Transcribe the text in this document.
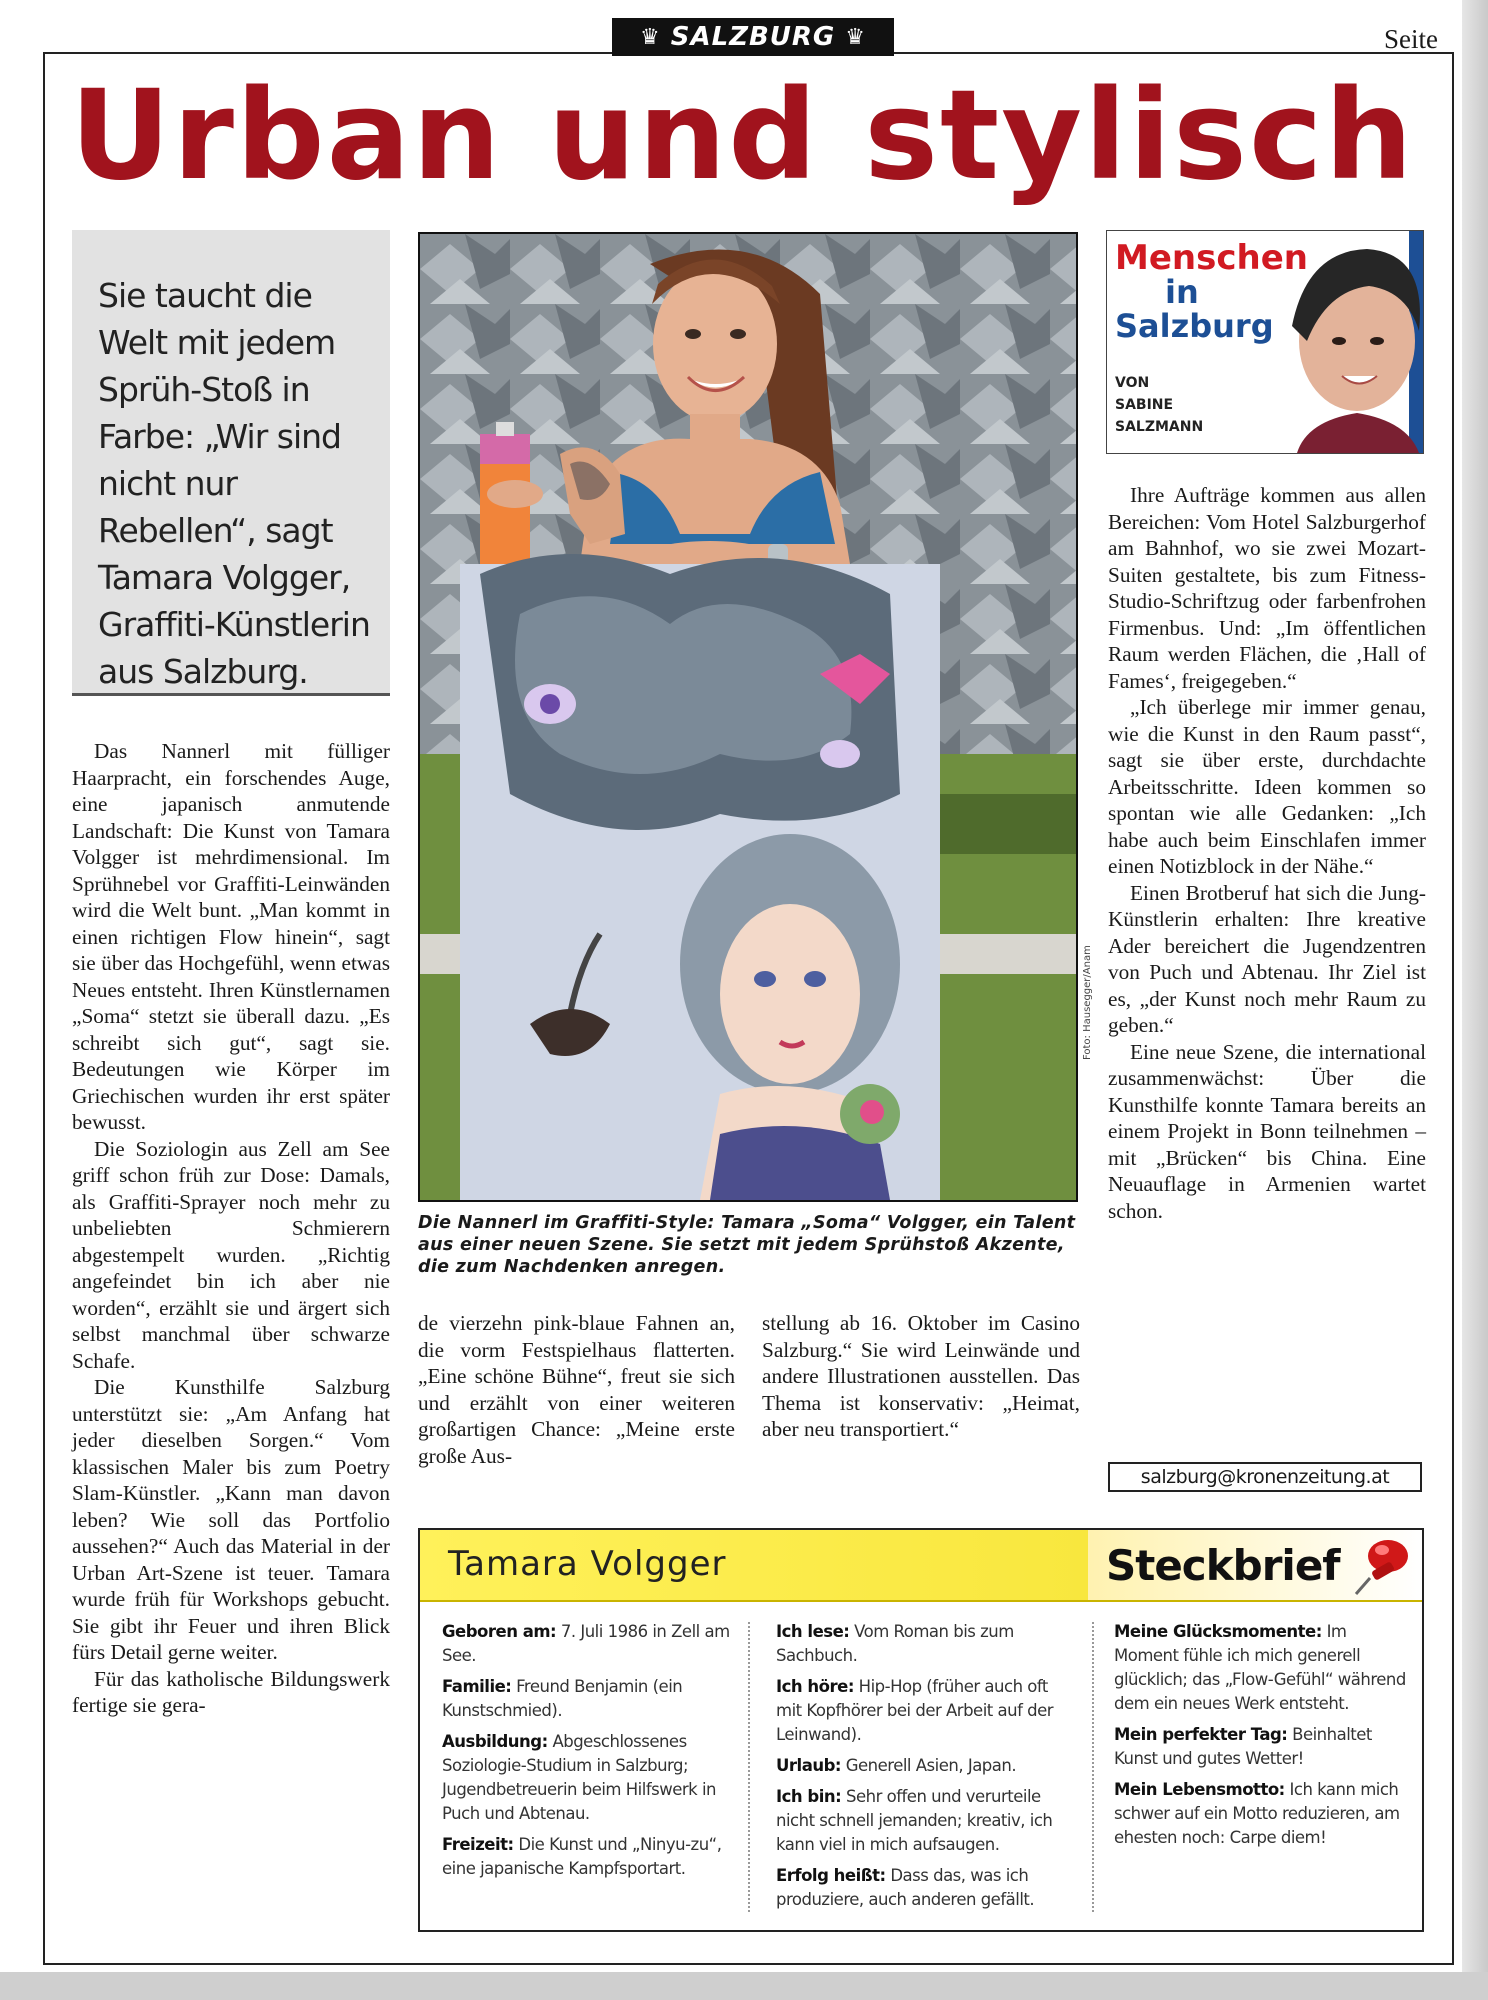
♛ SALZBURG ♛	Seite
Urban und stylisch

Sie taucht die Welt mit jedem Sprüh-Stoß in Farbe: „Wir sind nicht nur Rebellen“, sagt Tamara Volgger, Graffiti-Künstlerin aus Salzburg.

Das Nannerl mit fülliger Haarpracht, ein forschendes Auge, eine japanisch anmutende Landschaft: Die Kunst von Tamara Volgger ist mehrdimensional. Im Sprühnebel vor Graffiti-Leinwänden wird die Welt bunt. „Man kommt in einen richtigen Flow hinein“, sagt sie über das Hochgefühl, wenn etwas Neues entsteht. Ihren Künstlernamen „Soma“ stetzt sie überall dazu. „Es schreibt sich gut“, sagt sie. Bedeutungen wie Körper im Griechischen wurden ihr erst später bewusst.

Die Soziologin aus Zell am See griff schon früh zur Dose: Damals, als Graffiti-Sprayer noch mehr zu unbeliebten Schmierern abgestempelt wurden. „Richtig angefeindet bin ich aber nie worden“, erzählt sie und ärgert sich selbst manchmal über schwarze Schafe.

Die Kunsthilfe Salzburg unterstützt sie: „Am Anfang hat jeder dieselben Sorgen.“ Vom klassischen Maler bis zum Poetry Slam-Künstler. „Kann man davon leben? Wie soll das Portfolio aussehen?“ Auch das Material in der Urban Art-Szene ist teuer. Tamara wurde früh für Workshops gebucht. Sie gibt ihr Feuer und ihren Blick fürs Detail gerne weiter.

Für das katholische Bildungswerk fertige sie gera-

Foto: Hausegger/Anam
Die Nannerl im Graffiti-Style: Tamara „Soma“ Volgger, ein Talent aus einer neuen Szene. Sie setzt mit jedem Sprühstoß Akzente, die zum Nachdenken anregen.

de vierzehn pink-blaue Fahnen an, die vorm Festspielhaus flatterten. „Eine schöne Bühne“, freut sie sich und erzählt von einer weiteren großartigen Chance: „Meine erste große Aus-

stellung ab 16. Oktober im Casino Salzburg.“ Sie wird Leinwände und andere Illustrationen ausstellen. Das Thema ist konservativ: „Heimat, aber neu transportiert.“

Menschen
in
Salzburg
VON
SABINE
SALZMANN

Ihre Aufträge kommen aus allen Bereichen: Vom Hotel Salzburgerhof am Bahnhof, wo sie zwei Mozart-Suiten gestaltete, bis zum Fitness-Studio-Schriftzug oder farbenfrohen Firmenbus. Und: „Im öffentlichen Raum werden Flächen, die ‚Hall of Fames‘, freigegeben.“

„Ich überlege mir immer genau, wie die Kunst in den Raum passt“, sagt sie über erste, durchdachte Arbeitsschritte. Ideen kommen so spontan wie alle Gedanken: „Ich habe auch beim Einschlafen immer einen Notizblock in der Nähe.“

Einen Brotberuf hat sich die Jung-Künstlerin erhalten: Ihre kreative Ader bereichert die Jugendzentren von Puch und Abtenau. Ihr Ziel ist es, „der Kunst noch mehr Raum zu geben.“

Eine neue Szene, die international zusammenwächst: Über die Kunsthilfe konnte Tamara bereits an einem Projekt in Bonn teilnehmen – mit „Brücken“ bis China. Eine Neuauflage in Armenien wartet schon.

salzburg@kronenzeitung.at
Tamara Volgger	Steckbrief
Geboren am: 7. Juli 1986 in Zell am See.
Familie: Freund Benjamin (ein Kunstschmied).
Ausbildung: Abgeschlossenes Soziologie-Studium in Salzburg; Jugendbetreuerin beim Hilfswerk in Puch und Abtenau.
Freizeit: Die Kunst und „Ninyu-zu“, eine japanische Kampfsportart.
Ich lese: Vom Roman bis zum Sachbuch.
Ich höre: Hip-Hop (früher auch oft mit Kopfhörer bei der Arbeit auf der Leinwand).
Urlaub: Generell Asien, Japan.
Ich bin: Sehr offen und verurteile nicht schnell jemanden; kreativ, ich kann viel in mich aufsaugen.
Erfolg heißt: Dass das, was ich produziere, auch anderen gefällt.
Meine Glücksmomente: Im Moment fühle ich mich generell glücklich; das „Flow-Gefühl“ während dem ein neues Werk entsteht.
Mein perfekter Tag: Beinhaltet Kunst und gutes Wetter!
Mein Lebensmotto: Ich kann mich schwer auf ein Motto reduzieren, am ehesten noch: Carpe diem!
